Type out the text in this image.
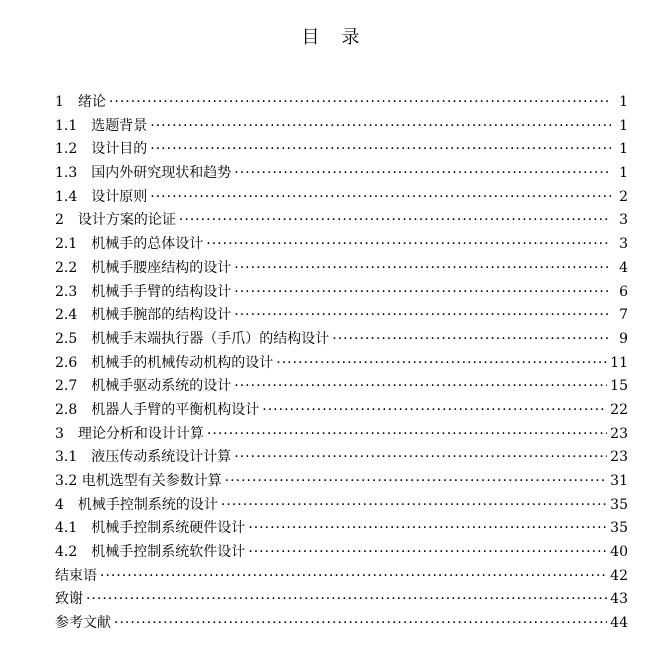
目　录
1　绪论 ·····	1
1.1　选题背景 ·····	1
1.2　设计目的 ·····	1
1.3　国内外研究现状和趋势 ·····	1
1.4　设计原则 ·····	2
2　设计方案的论证 ·····	3
2.1　机械手的总体设计 ·····	3
2.2　机械手腰座结构的设计 ·····	4
2.3　机械手手臂的结构设计 ·····	6
2.4　机械手腕部的结构设计 ·····	7
2.5　机械手末端执行器（手爪）的结构设计 ·····	9
2.6　机械手的机械传动机构的设计 ·····	11
2.7　机械手驱动系统的设计 ·····	15
2.8　机器人手臂的平衡机构设计 ·····	22
3　理论分析和设计计算 ·····	23
3.1　液压传动系统设计计算 ·····	23
3.2 电机选型有关参数计算 ·····	31
4　机械手控制系统的设计 ·····	35
4.1　机械手控制系统硬件设计 ·····	35
4.2　机械手控制系统软件设计 ·····	40
结束语 ·····	42
致谢 ·····	43
参考文献 ·····	44
